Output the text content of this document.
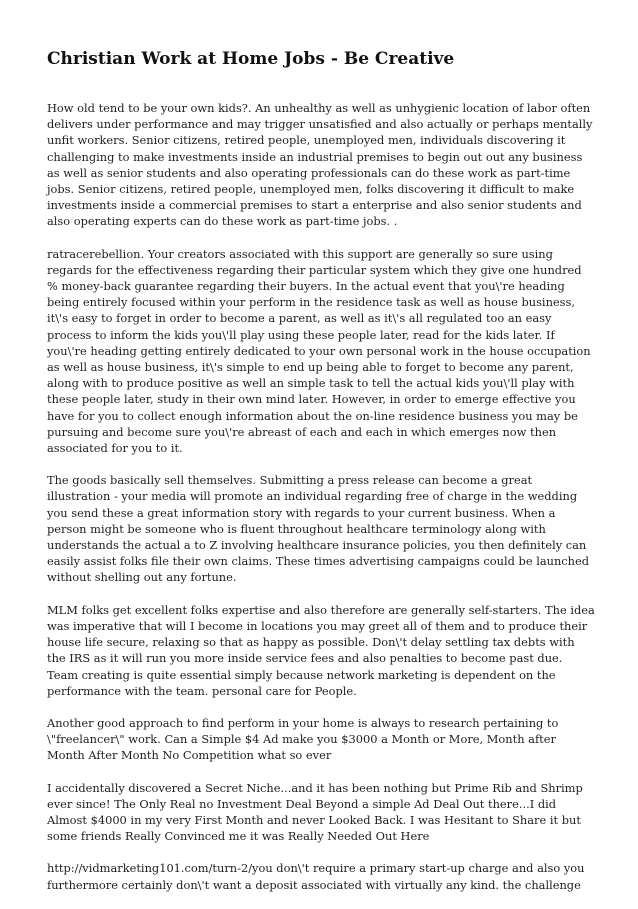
Christian Work at Home Jobs - Be Creative

How old tend to be your own kids?. An unhealthy as well as unhygienic location of labor often delivers under performance and may trigger unsatisfied and also actually or perhaps mentally unfit workers. Senior citizens, retired people, unemployed men, individuals discovering it challenging to make investments inside an industrial premises to begin out out any business as well as senior students and also operating professionals can do these work as part-time jobs. Senior citizens, retired people, unemployed men, folks discovering it difficult to make investments inside a commercial premises to start a enterprise and also senior students and also operating experts can do these work as part-time jobs. .

ratracerebellion. Your creators associated with this support are generally so sure using regards for the effectiveness regarding their particular system which they give one hundred % money-back guarantee regarding their buyers. In the actual event that you\'re heading being entirely focused within your perform in the residence task as well as house business, it\'s easy to forget in order to become a parent, as well as it\'s all regulated too an easy process to inform the kids you\'ll play using these people later, read for the kids later. If you\'re heading getting entirely dedicated to your own personal work in the house occupation as well as house business, it\'s simple to end up being able to forget to become any parent, along with to produce positive as well an simple task to tell the actual kids you\'ll play with these people later, study in their own mind later. However, in order to emerge effective you have for you to collect enough information about the on-line residence business you may be pursuing and become sure you\'re abreast of each and each in which emerges now then associated for you to it.

The goods basically sell themselves. Submitting a press release can become a great illustration - your media will promote an individual regarding free of charge in the wedding you send these a great information story with regards to your current business. When a person might be someone who is fluent throughout healthcare terminology along with understands the actual a to Z involving healthcare insurance policies, you then definitely can easily assist folks file their own claims. These times advertising campaigns could be launched without shelling out any fortune.

MLM folks get excellent folks expertise and also therefore are generally self-starters. The idea was imperative that will I become in locations you may greet all of them and to produce their house life secure, relaxing so that as happy as possible. Don\'t delay settling tax debts with the IRS as it will run you more inside service fees and also penalties to become past due. Team creating is quite essential simply because network marketing is dependent on the performance with the team. personal care for People.

Another good approach to find perform in your home is always to research pertaining to \"freelancer\" work. Can a Simple $4 Ad make you $3000 a Month or More, Month after Month After Month No Competition what so ever

I accidentally discovered a Secret Niche...and it has been nothing but Prime Rib and Shrimp ever since! The Only Real no Investment Deal Beyond a simple Ad Deal Out there...I did Almost $4000 in my very First Month and never Looked Back. I was Hesitant to Share it but some friends Really Convinced me it was Really Needed Out Here

http://vidmarketing101.com/turn-2/you don\'t require a primary start-up charge and also you furthermore certainly don\'t want a deposit associated with virtually any kind. the challenge
